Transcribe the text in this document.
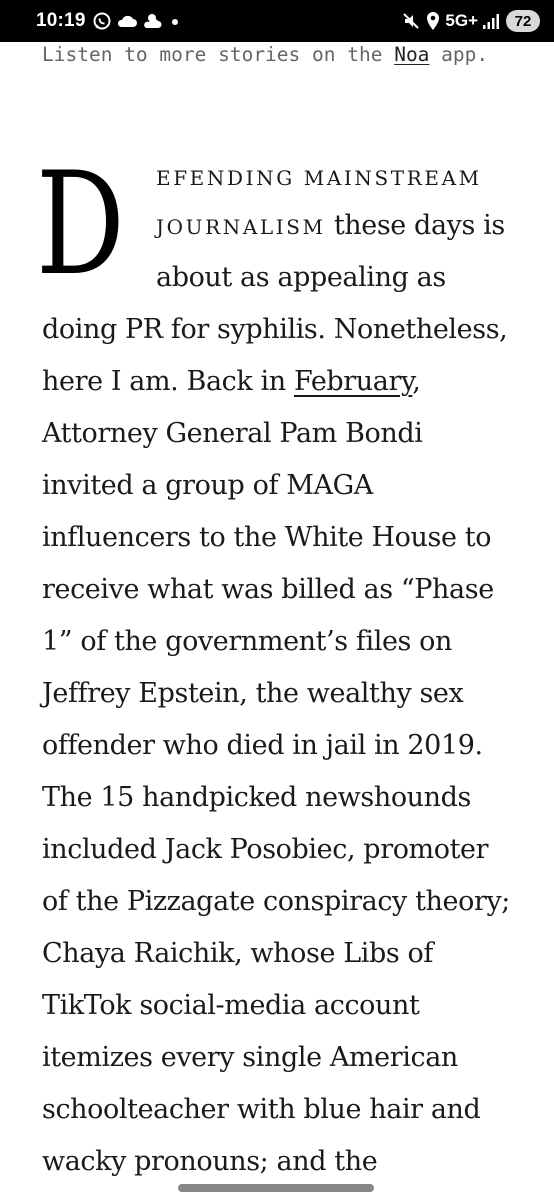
10:19	5G+	72
Listen to more stories on the Noa app.
D EFENDING MAINSTREAM
JOURNALISM these days is
about as appealing as
doing PR for syphilis. Nonetheless,
here I am. Back in February,
Attorney General Pam Bondi
invited a group of MAGA
influencers to the White House to
receive what was billed as “Phase
1” of the government’s files on
Jeffrey Epstein, the wealthy sex
offender who died in jail in 2019.
The 15 handpicked newshounds
included Jack Posobiec, promoter
of the Pizzagate conspiracy theory;
Chaya Raichik, whose Libs of
TikTok social-media account
itemizes every single American
schoolteacher with blue hair and
wacky pronouns; and the
